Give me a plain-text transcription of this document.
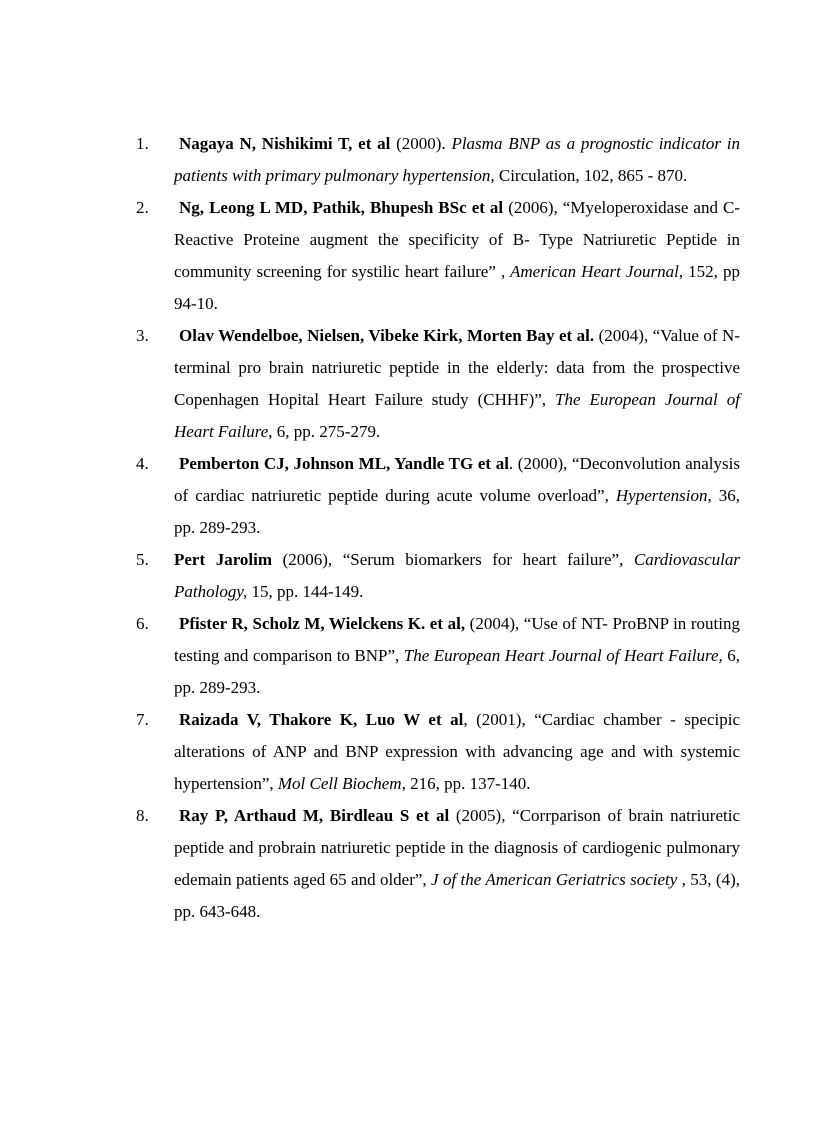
1. Nagaya N, Nishikimi T, et al (2000). Plasma BNP as a prognostic indicator in patients with primary pulmonary hypertension, Circulation, 102, 865 - 870.
2. Ng, Leong L MD, Pathik, Bhupesh BSc et al (2006), “Myeloperoxidase and C- Reactive Proteine augment the specificity of B- Type Natriuretic Peptide in community screening for systilic heart failure” , American Heart Journal, 152, pp 94-10.
3. Olav Wendelboe, Nielsen, Vibeke Kirk, Morten Bay et al. (2004), “Value of N- terminal pro brain natriuretic peptide in the elderly: data from the prospective Copenhagen Hopital Heart Failure study (CHHF)”, The European Journal of Heart Failure, 6, pp. 275-279.
4. Pemberton CJ, Johnson ML, Yandle TG et al. (2000), “Deconvolution analysis of cardiac natriuretic peptide during acute volume overload”, Hypertension, 36, pp. 289-293.
5. Pert Jarolim (2006), “Serum biomarkers for heart failure”, Cardiovascular Pathology, 15, pp. 144-149.
6. Pfister R, Scholz M, Wielckens K. et al, (2004), “Use of NT- ProBNP in routing testing and comparison to BNP”, The European Heart Journal of Heart Failure, 6, pp. 289-293.
7. Raizada V, Thakore K, Luo W et al, (2001), “Cardiac chamber - specipic alterations of ANP and BNP expression with advancing age and with systemic hypertension”, Mol Cell Biochem, 216, pp. 137-140.
8. Ray P, Arthaud M, Birdleau S et al (2005), “Corrparison of brain natriuretic peptide and probrain natriuretic peptide in the diagnosis of cardiogenic pulmonary edemain patients aged 65 and older”, J of the American Geriatrics society , 53, (4), pp. 643-648.
